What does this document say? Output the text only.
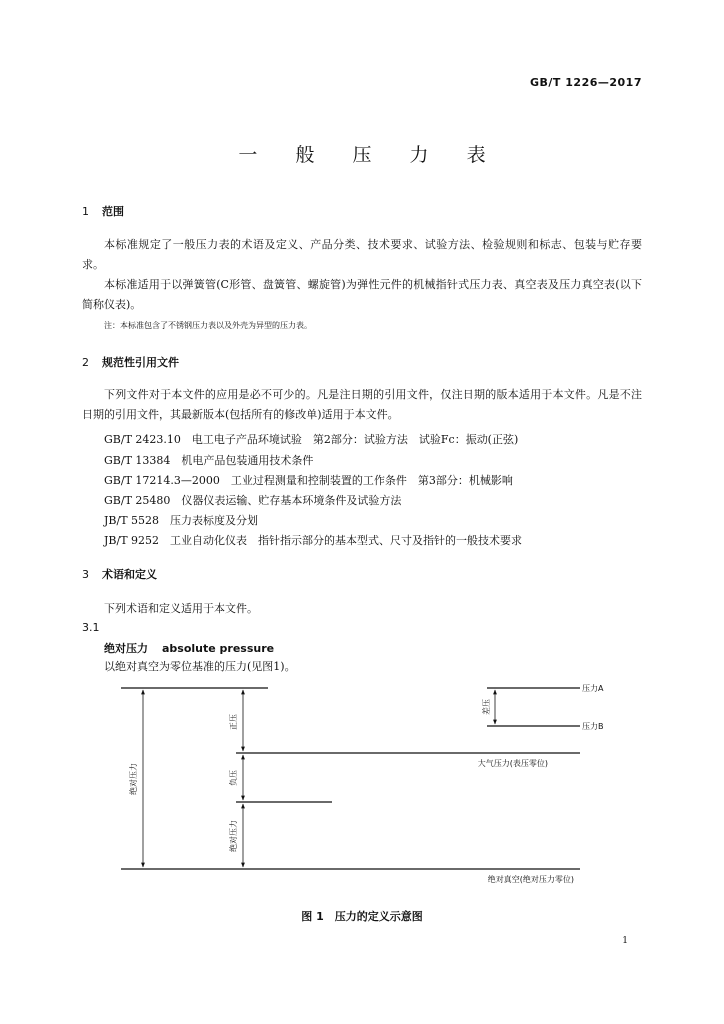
GB/T 1226—2017
一 般 压 力 表
1 范围
本标准规定了一般压力表的术语及定义、产品分类、技术要求、试验方法、检验规则和标志、包装与贮存要求。
本标准适用于以弹簧管(C形管、盘簧管、螺旋管)为弹性元件的机械指针式压力表、真空表及压力真空表(以下简称仪表)。
注：本标准包含了不锈钢压力表以及外壳为异型的压力表。
2 规范性引用文件
下列文件对于本文件的应用是必不可少的。凡是注日期的引用文件，仅注日期的版本适用于本文件。凡是不注日期的引用文件，其最新版本(包括所有的修改单)适用于本文件。
GB/T 2423.10　电工电子产品环境试验　第2部分：试验方法　试验Fc：振动(正弦)
GB/T 13384　机电产品包装通用技术条件
GB/T 17214.3—2000　工业过程测量和控制装置的工作条件　第3部分：机械影响
GB/T 25480　仪器仪表运输、贮存基本环境条件及试验方法
JB/T 5528　压力表标度及分划
JB/T 9252　工业自动化仪表　指针指示部分的基本型式、尺寸及指针的一般技术要求
3 术语和定义
下列术语和定义适用于本文件。
3.1
绝对压力 absolute pressure
以绝对真空为零位基准的压力(见图1)。
绝对压力
正压
负压
绝对压力
差压
压力A
压力B
大气压力(表压零位)
绝对真空(绝对压力零位)
图 1　压力的定义示意图
1
